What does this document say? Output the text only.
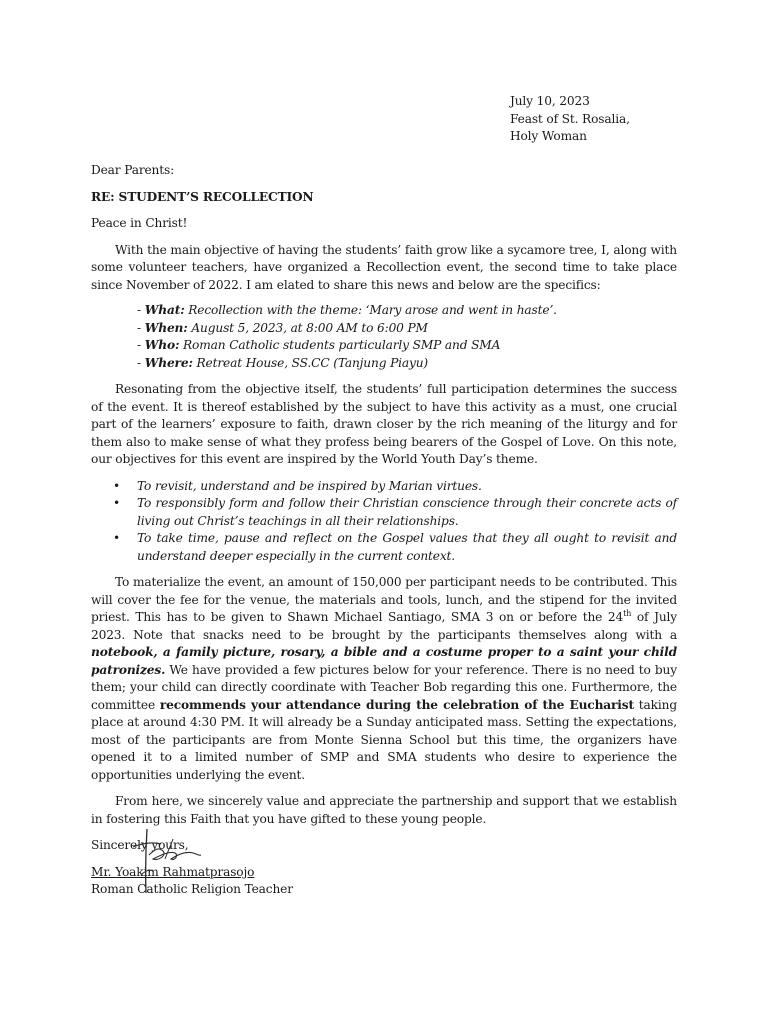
July 10, 2023
Feast of St. Rosalia,
Holy Woman

Dear Parents:

RE: STUDENT’S RECOLLECTION

Peace in Christ!

With the main objective of having the students’ faith grow like a sycamore tree, I, along with some volunteer teachers, have organized a Recollection event, the second time to take place since November of 2022. I am elated to share this news and below are the specifics:

- What: Recollection with the theme: ‘Mary arose and went in haste’.
- When: August 5, 2023, at 8:00 AM to 6:00 PM
- Who: Roman Catholic students particularly SMP and SMA
- Where: Retreat House, SS.CC (Tanjung Piayu)

Resonating from the objective itself, the students’ full participation determines the success of the event. It is thereof established by the subject to have this activity as a must, one crucial part of the learners’ exposure to faith, drawn closer by the rich meaning of the liturgy and for them also to make sense of what they profess being bearers of the Gospel of Love. On this note, our objectives for this event are inspired by the World Youth Day’s theme.

• To revisit, understand and be inspired by Marian virtues.
• To responsibly form and follow their Christian conscience through their concrete acts of living out Christ’s teachings in all their relationships.
• To take time, pause and reflect on the Gospel values that they all ought to revisit and understand deeper especially in the current context.

To materialize the event, an amount of 150,000 per participant needs to be contributed. This will cover the fee for the venue, the materials and tools, lunch, and the stipend for the invited priest. This has to be given to Shawn Michael Santiago, SMA 3 on or before the 24th of July 2023. Note that snacks need to be brought by the participants themselves along with a notebook, a family picture, rosary, a bible and a costume proper to a saint your child patronizes. We have provided a few pictures below for your reference. There is no need to buy them; your child can directly coordinate with Teacher Bob regarding this one. Furthermore, the committee recommends your attendance during the celebration of the Eucharist taking place at around 4:30 PM. It will already be a Sunday anticipated mass. Setting the expectations, most of the participants are from Monte Sienna School but this time, the organizers have opened it to a limited number of SMP and SMA students who desire to experience the opportunities underlying the event.

From here, we sincerely value and appreciate the partnership and support that we establish in fostering this Faith that you have gifted to these young people.

Sincerely yours,

Mr. Yoakim Rahmatprasojo

Roman Catholic Religion Teacher
